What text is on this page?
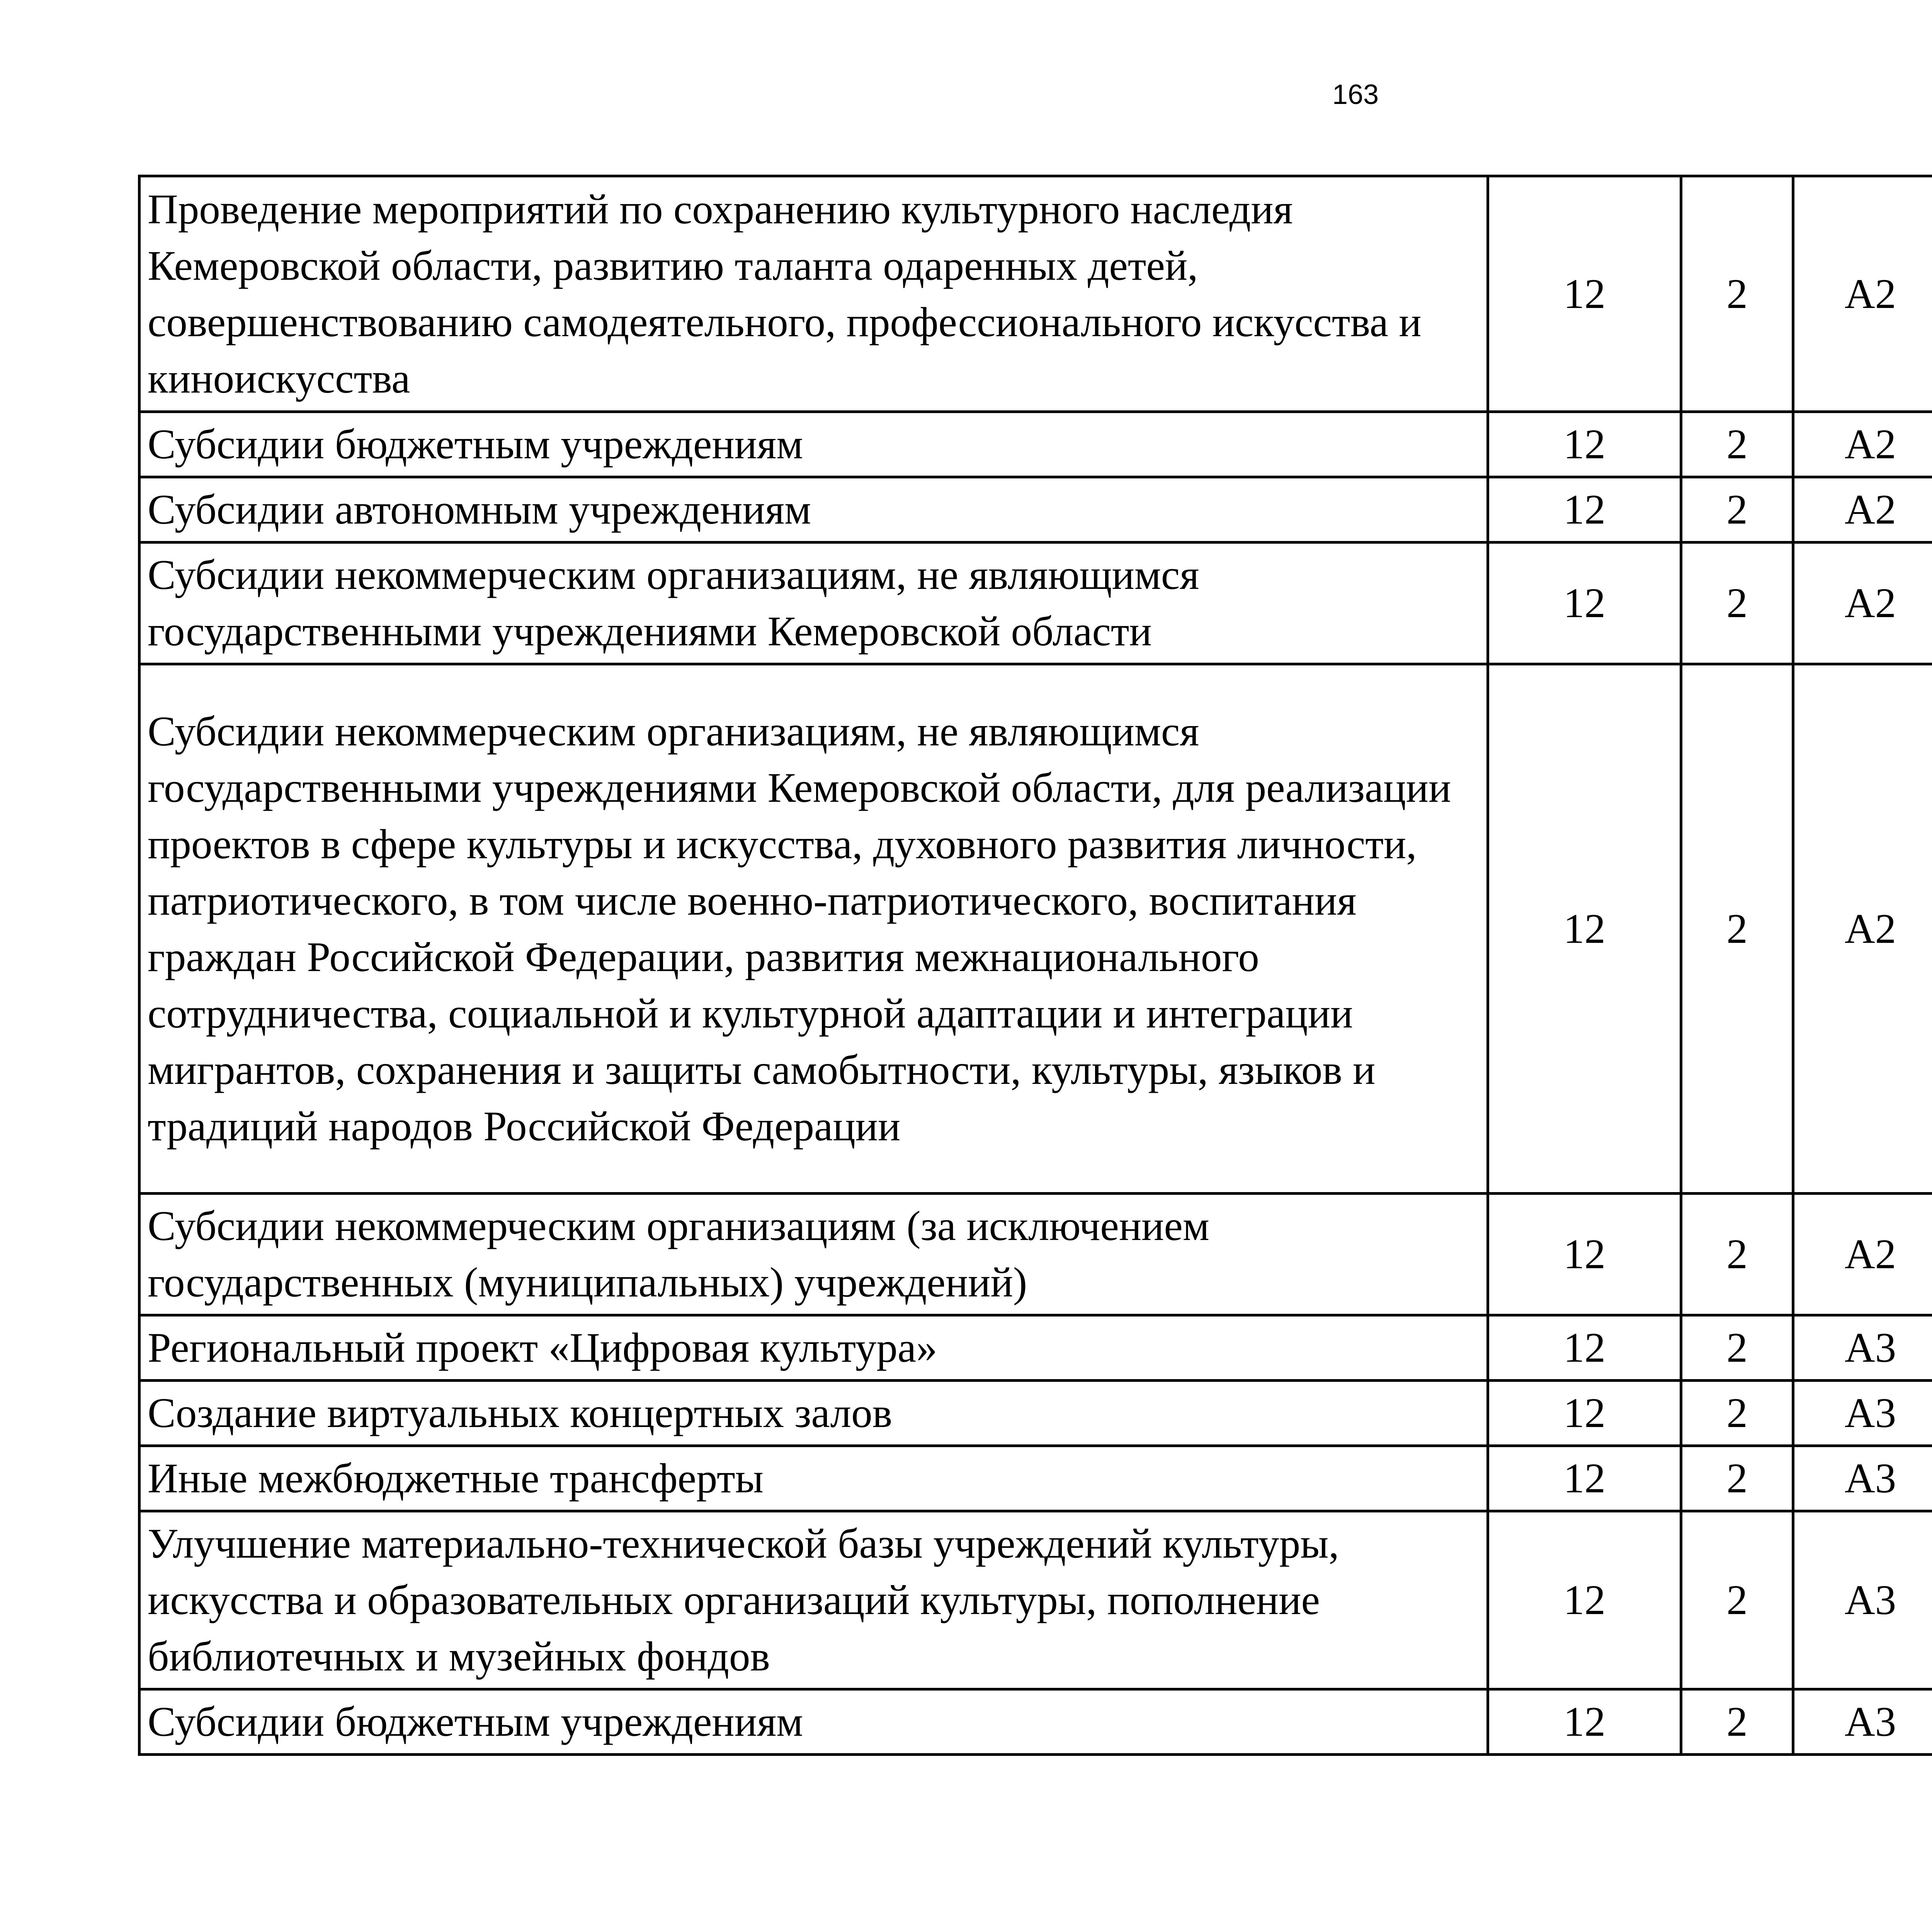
163
Проведение мероприятий по сохранению культурного наследия Кемеровской области, развитию таланта одаренных детей, совершенствованию самодеятельного, профессионального искусства и киноискусства	12	2	А2			
Субсидии бюджетным учреждениям	12	2	А2			
Субсидии автономным учреждениям	12	2	А2			
Субсидии некоммерческим организациям, не являющимся государственными учреждениями Кемеровской области	12	2	А2			
Субсидии некоммерческим организациям, не являющимся государственными учреждениями Кемеровской области, для реализации проектов в сфере культуры и искусства, духовного развития личности, патриотического, в том числе военно-патриотического, воспитания граждан Российской Федерации, развития межнационального сотрудничества, социальной и культурной адаптации и интеграции мигрантов, сохранения и защиты самобытности, культуры, языков и традиций народов Российской Федерации	12	2	А2			
Субсидии некоммерческим организациям (за исключением государственных (муниципальных) учреждений)	12	2	А2			
Региональный проект «Цифровая культура»	12	2	А3			
Создание виртуальных концертных залов	12	2	А3			
Иные межбюджетные трансферты	12	2	А3			
Улучшение материально-технической базы учреждений культуры, искусства и образовательных организаций культуры, пополнение библиотечных и музейных фондов	12	2	А3			
Субсидии бюджетным учреждениям	12	2	А3			
